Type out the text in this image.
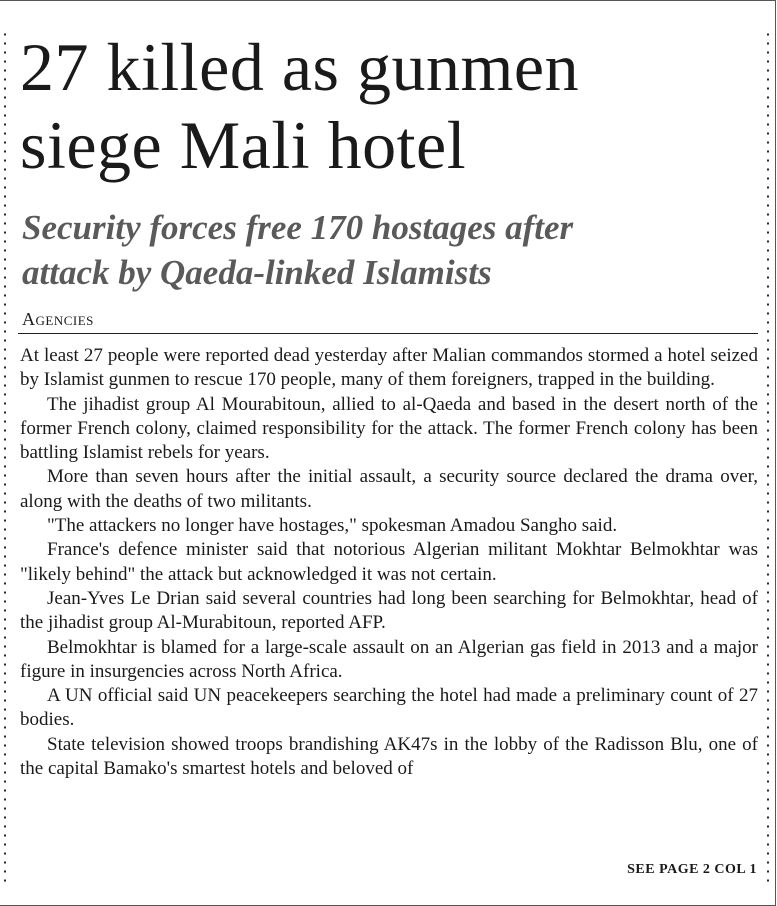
27 killed as gunmen
siege Mali hotel
Security forces free 170 hostages after
attack by Qaeda-linked Islamists
Agencies

At least 27 people were reported dead yesterday after Malian commandos stormed a hotel seized by Islamist gunmen to rescue 170 people, many of them foreigners, trapped in the building.

The jihadist group Al Mourabitoun, allied to al-Qaeda and based in the desert north of the former French colony, claimed responsibility for the attack. The former French colony has been battling Islamist rebels for years.

More than seven hours after the initial assault, a security source declared the drama over, along with the deaths of two militants.

"The attackers no longer have hostages," spokesman Amadou Sangho said.

France's defence minister said that notorious Algerian militant Mokhtar Belmokhtar was "likely behind" the attack but acknowledged it was not certain.

Jean-Yves Le Drian said several countries had long been searching for Belmokhtar, head of the jihadist group Al-Murabitoun, reported AFP.

Belmokhtar is blamed for a large-scale assault on an Algerian gas field in 2013 and a major figure in insurgencies across North Africa.

A UN official said UN peacekeepers searching the hotel had made a preliminary count of 27 bodies.

State television showed troops brandishing AK47s in the lobby of the Radisson Blu, one of the capital Bamako's smartest hotels and beloved of

SEE PAGE 2 COL 1
